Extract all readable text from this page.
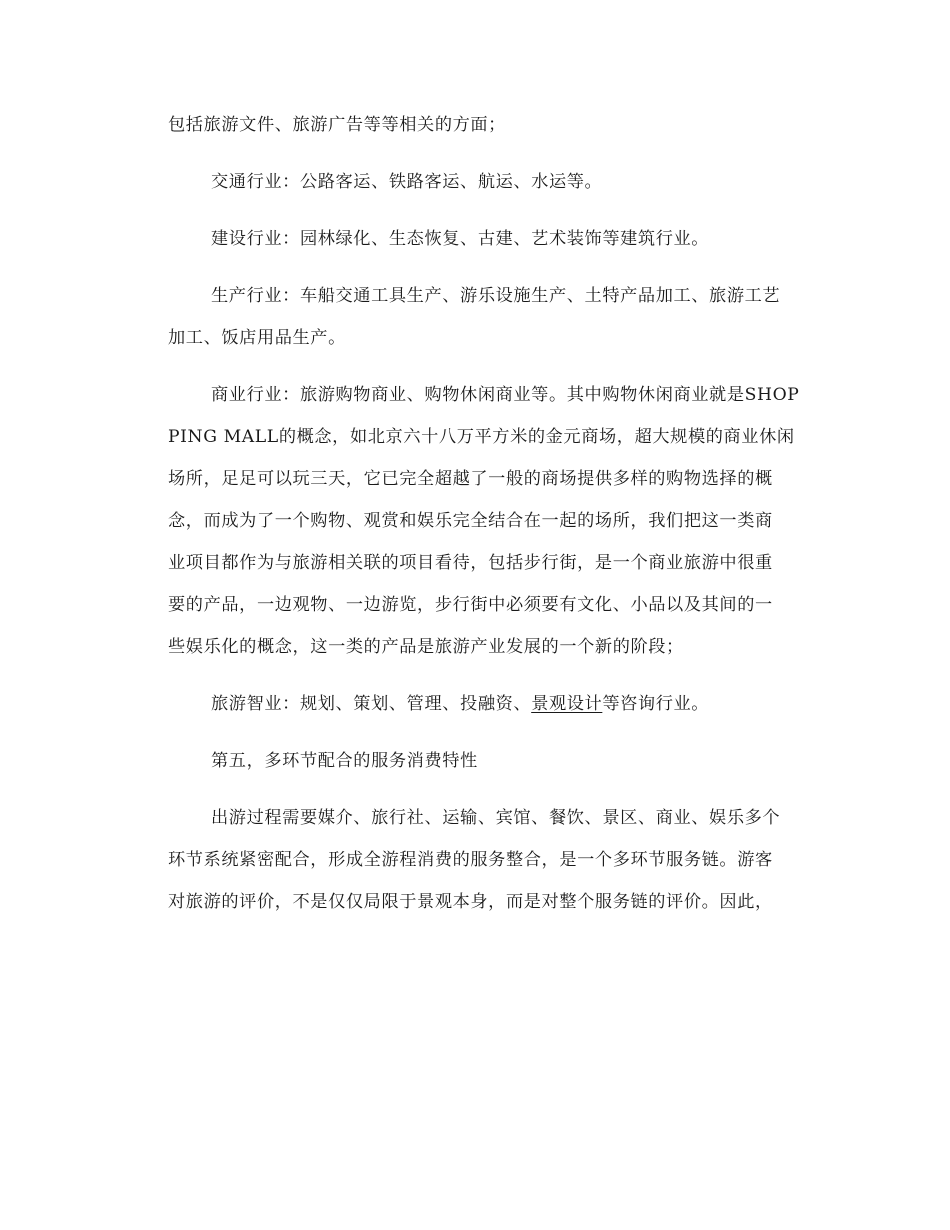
包括旅游文件、旅游广告等等相关的方面；
交通行业：公路客运、铁路客运、航运、水运等。
建设行业：园林绿化、生态恢复、古建、艺术装饰等建筑行业。
生产行业：车船交通工具生产、游乐设施生产、土特产品加工、旅游工艺
加工、饭店用品生产。
商业行业：旅游购物商业、购物休闲商业等。其中购物休闲商业就是SHOP
PING MALL的概念，如北京六十八万平方米的金元商场，超大规模的商业休闲
场所，足足可以玩三天，它已完全超越了一般的商场提供多样的购物选择的概
念，而成为了一个购物、观赏和娱乐完全结合在一起的场所，我们把这一类商
业项目都作为与旅游相关联的项目看待，包括步行街，是一个商业旅游中很重
要的产品，一边观物、一边游览，步行街中必须要有文化、小品以及其间的一
些娱乐化的概念，这一类的产品是旅游产业发展的一个新的阶段；
旅游智业：规划、策划、管理、投融资、景观设计等咨询行业。
第五，多环节配合的服务消费特性
出游过程需要媒介、旅行社、运输、宾馆、餐饮、景区、商业、娱乐多个
环节系统紧密配合，形成全游程消费的服务整合，是一个多环节服务链。游客
对旅游的评价，不是仅仅局限于景观本身，而是对整个服务链的评价。因此，
